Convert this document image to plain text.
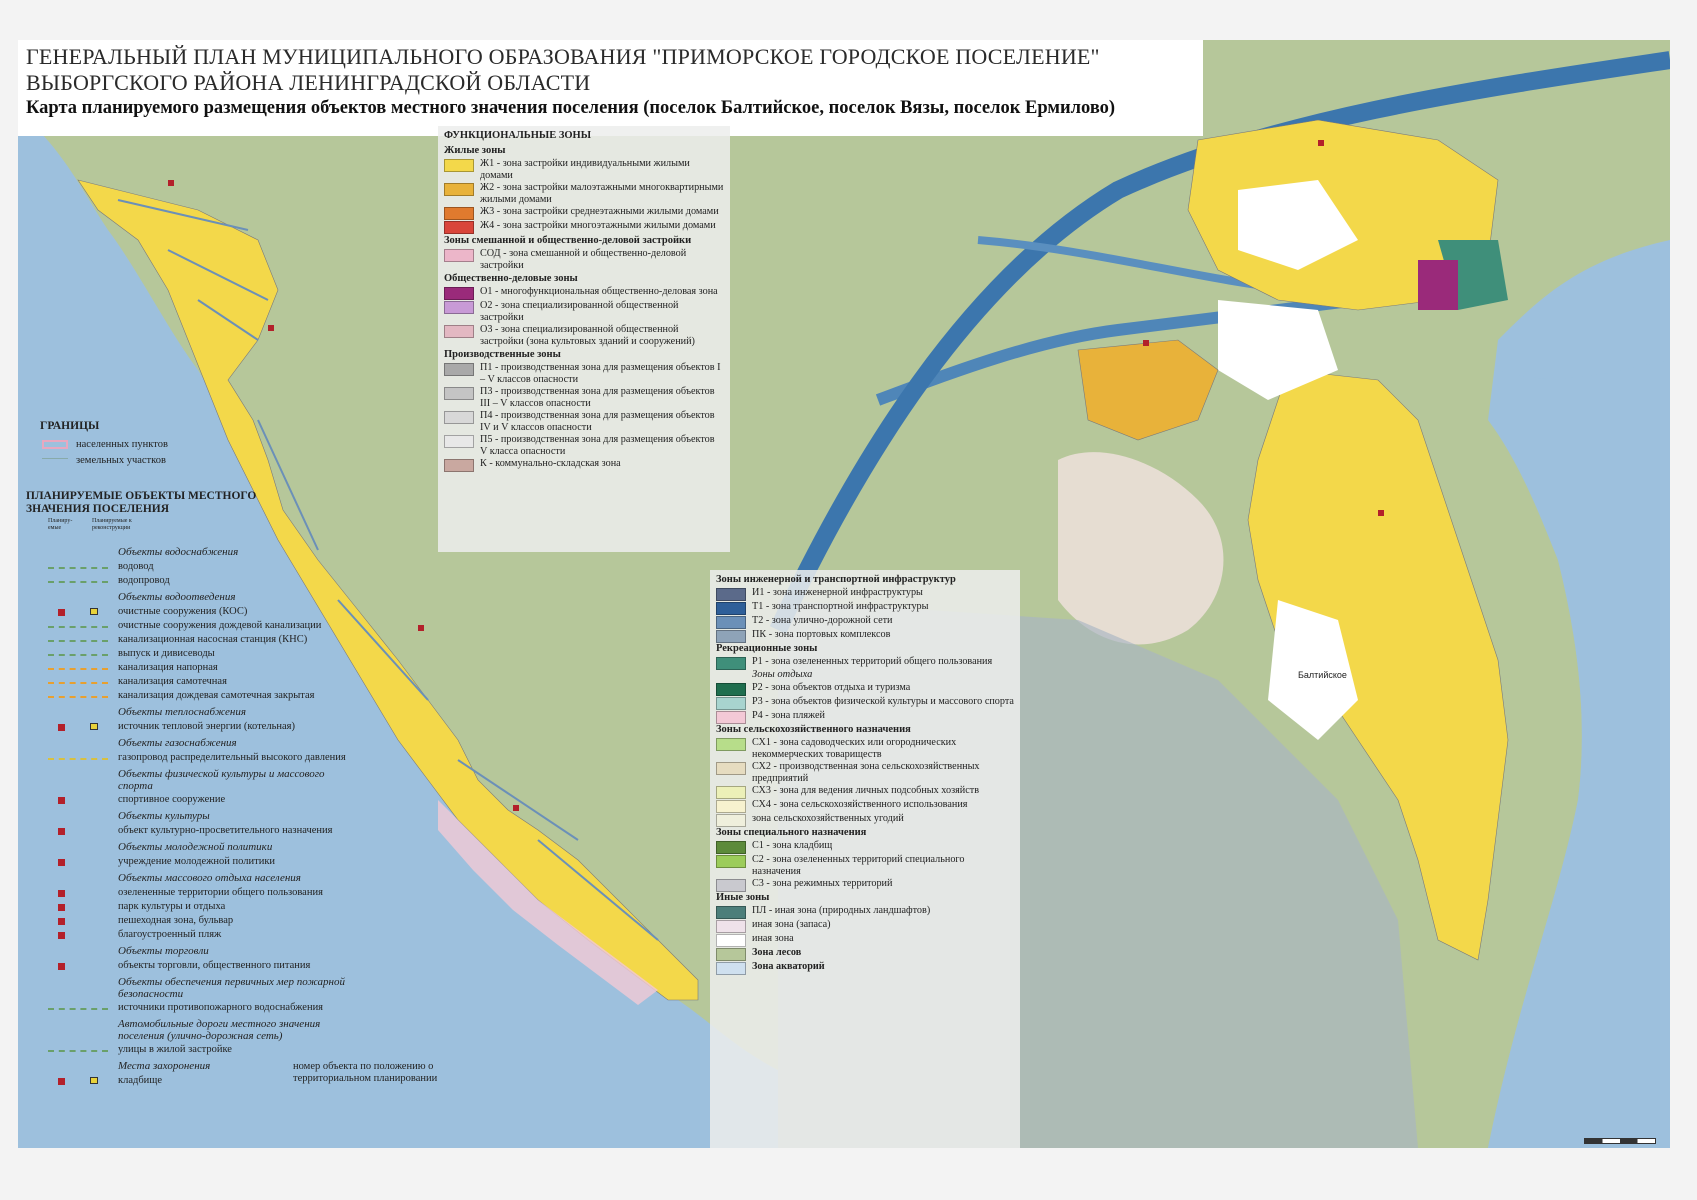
Балтийское
ГЕНЕРАЛЬНЫЙ ПЛАН МУНИЦИПАЛЬНОГО ОБРАЗОВАНИЯ "ПРИМОРСКОЕ ГОРОДСКОЕ ПОСЕЛЕНИЕ"
ВЫБОРГСКОГО РАЙОНА ЛЕНИНГРАДСКОЙ ОБЛАСТИ
Карта планируемого размещения объектов местного значения поселения (поселок Балтийское, поселок Вязы, поселок Ермилово)
ФУНКЦИОНАЛЬНЫЕ ЗОНЫ
Жилые зоны
Ж1 - зона застройки индивидуальными жилыми домами
Ж2 - зона застройки малоэтажными многоквартирными жилыми домами
Ж3 - зона застройки среднеэтажными жилыми домами
Ж4 - зона застройки многоэтажными жилыми домами
Зоны смешанной и общественно-деловой застройки
СОД - зона смешанной и общественно-деловой застройки
Общественно-деловые зоны
О1 - многофункциональная общественно-деловая зона
О2 - зона специализированной общественной застройки
О3 - зона специализированной общественной застройки (зона культовых зданий и сооружений)
Производственные зоны
П1 - производственная зона для размещения объектов I – V классов опасности
П3 - производственная зона для размещения объектов III – V классов опасности
П4 - производственная зона для размещения объектов IV и V классов опасности
П5 - производственная зона для размещения объектов V класса опасности
К - коммунально-складская зона
Зоны инженерной и транспортной инфраструктур
И1 - зона инженерной инфраструктуры
Т1 - зона транспортной инфраструктуры
Т2 - зона улично-дорожной сети
ПК - зона портовых комплексов
Рекреационные зоны
Р1 - зона озелененных территорий общего пользования
Зоны отдыха
Р2 - зона объектов отдыха и туризма
Р3 - зона объектов физической культуры и массового спорта
Р4 - зона пляжей
Зоны сельскохозяйственного назначения
СХ1 - зона садоводческих или огороднических некоммерческих товариществ
СХ2 - производственная зона сельскохозяйственных предприятий
СХ3 - зона для ведения личных подсобных хозяйств
СХ4 - зона сельскохозяйственного использования
зона сельскохозяйственных угодий
Зоны специального назначения
С1 - зона кладбищ
С2 - зона озелененных территорий специального назначения
С3 - зона режимных территорий
Иные зоны
ПЛ - иная зона (природных ландшафтов)
иная зона (запаса)
иная зона
Зона лесов
Зона акваторий
ГРАНИЦЫ
населенных пунктов
земельных участков
ПЛАНИРУЕМЫЕ ОБЪЕКТЫ МЕСТНОГО ЗНАЧЕНИЯ ПОСЕЛЕНИЯ
Планиру-емые
Планируемые к реконструкции
Объекты водоснабжения
водовод
водопровод
Объекты водоотведения
очистные сооружения (КОС)
очистные сооружения дождевой канализации
канализационная насосная станция (КНС)
выпуск и дивисеводы
канализация напорная
канализация самотечная
канализация дождевая самотечная закрытая
Объекты теплоснабжения
источник тепловой энергии (котельная)
Объекты газоснабжения
газопровод распределительный высокого давления
Объекты физической культуры и массового спорта
спортивное сооружение
Объекты культуры
объект культурно-просветительного назначения
Объекты молодежной политики
учреждение молодежной политики
Объекты массового отдыха населения
озелененные территории общего пользования
парк культуры и отдыха
пешеходная зона, бульвар
благоустроенный пляж
Объекты торговли
объекты торговли, общественного питания
Объекты обеспечения первичных мер пожарной безопасности
источники противопожарного водоснабжения
Автомобильные дороги местного значения поселения (улично-дорожная сеть)
улицы в жилой застройке
Места захоронения
кладбище
номер объекта по положению о территориальном планировании
